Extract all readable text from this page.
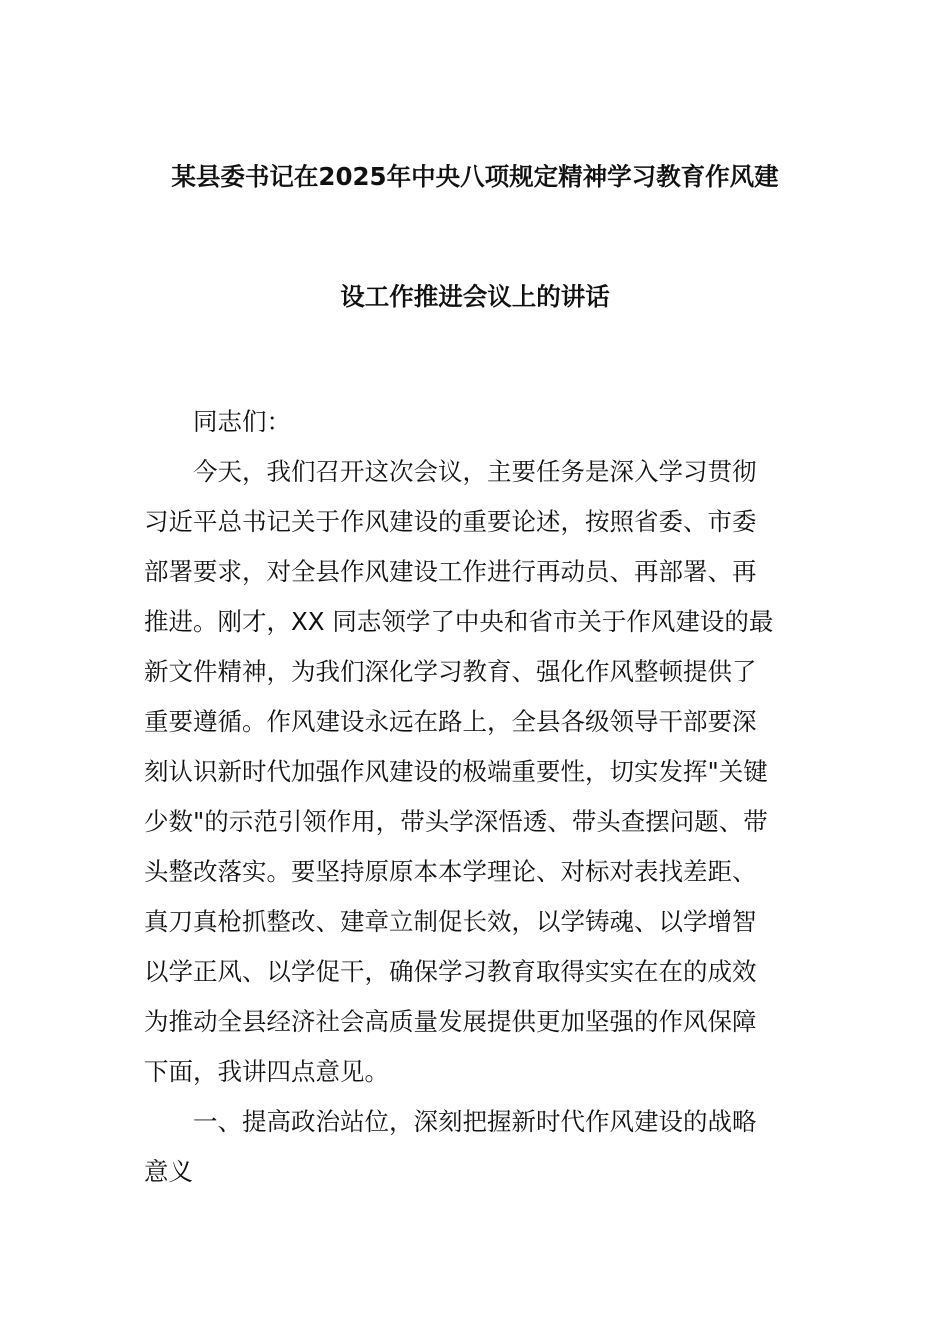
某县委书记在2025年中央八项规定精神学习教育作风建
设工作推进会议上的讲话
同志们：
今天，我们召开这次会议，主要任务是深入学习贯彻
习近平总书记关于作风建设的重要论述，按照省委、市委
部署要求，对全县作风建设工作进行再动员、再部署、再
推进。刚才，XX 同志领学了中央和省市关于作风建设的最
新文件精神，为我们深化学习教育、强化作风整顿提供了
重要遵循。作风建设永远在路上，全县各级领导干部要深
刻认识新时代加强作风建设的极端重要性，切实发挥"关键
少数"的示范引领作用，带头学深悟透、带头查摆问题、带
头整改落实。要坚持原原本本学理论、对标对表找差距、
真刀真枪抓整改、建章立制促长效，以学铸魂、以学增智
以学正风、以学促干，确保学习教育取得实实在在的成效
为推动全县经济社会高质量发展提供更加坚强的作风保障
下面，我讲四点意见。
一、提高政治站位，深刻把握新时代作风建设的战略
意义
